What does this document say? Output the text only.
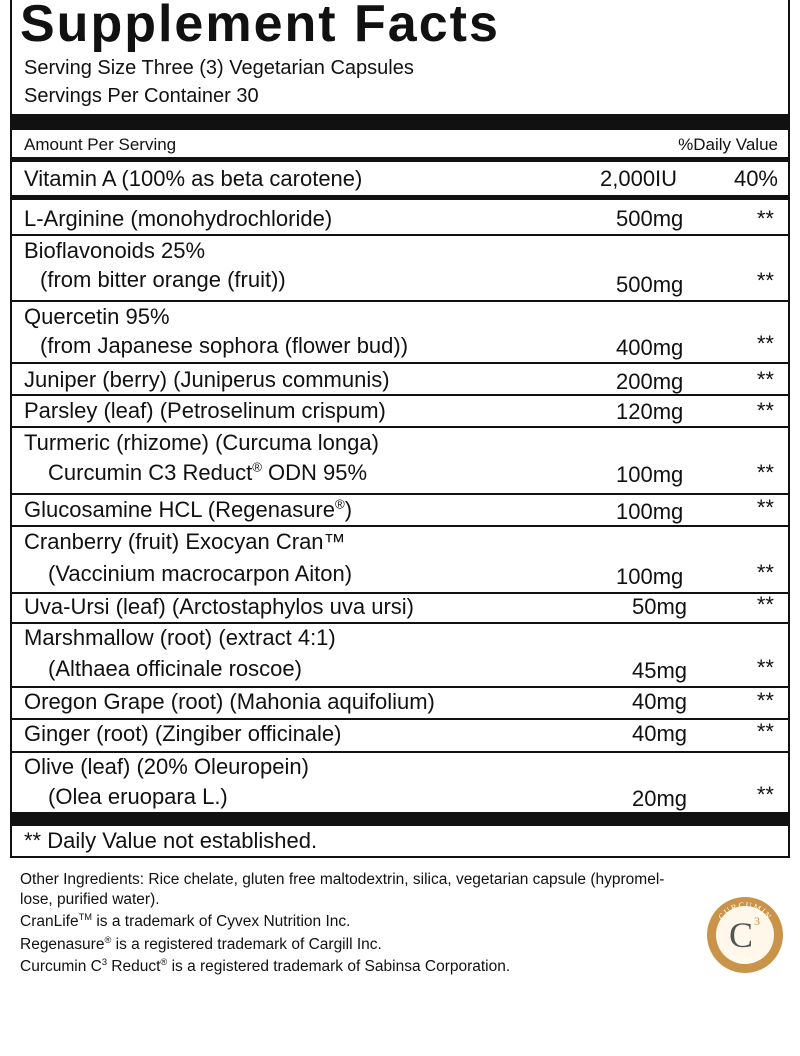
Supplement Facts
Serving Size Three (3) Vegetarian Capsules
Servings Per Container 30
Amount Per Serving	%Daily Value
Vitamin A (100% as beta carotene)	2,000IU	40%
L-Arginine (monohydrochloride)	500mg	**
Bioflavonoids 25%
(from bitter orange (fruit))	500mg	**
Quercetin 95%
(from Japanese sophora (flower bud))	400mg	**
Juniper (berry) (Juniperus communis)	200mg	**
Parsley (leaf) (Petroselinum crispum)	120mg	**
Turmeric (rhizome) (Curcuma longa)
Curcumin C3 Reduct® ODN 95%	100mg	**
Glucosamine HCL (Regenasure®)	100mg	**
Cranberry (fruit) Exocyan Cran™
(Vaccinium macrocarpon Aiton)	100mg	**
Uva-Ursi (leaf) (Arctostaphylos uva ursi)	50mg	**
Marshmallow (root) (extract 4:1)
(Althaea officinale roscoe)	45mg	**
Oregon Grape (root) (Mahonia aquifolium)	40mg	**
Ginger (root) (Zingiber officinale)	40mg	**
Olive (leaf) (20% Oleuropein)
(Olea eruopara L.)	20mg	**
** Daily Value not established.
Other Ingredients: Rice chelate, gluten free maltodextrin, silica, vegetarian capsule (hypromel-
lose, purified water).
CranLife™ is a trademark of Cyvex Nutrition Inc.
Regenasure® is a registered trademark of Cargill Inc.
Curcumin $C^3$ Reduct® is a registered trademark of Sabinsa Corporation.
CURCUMIN
REDUCT
C 3
